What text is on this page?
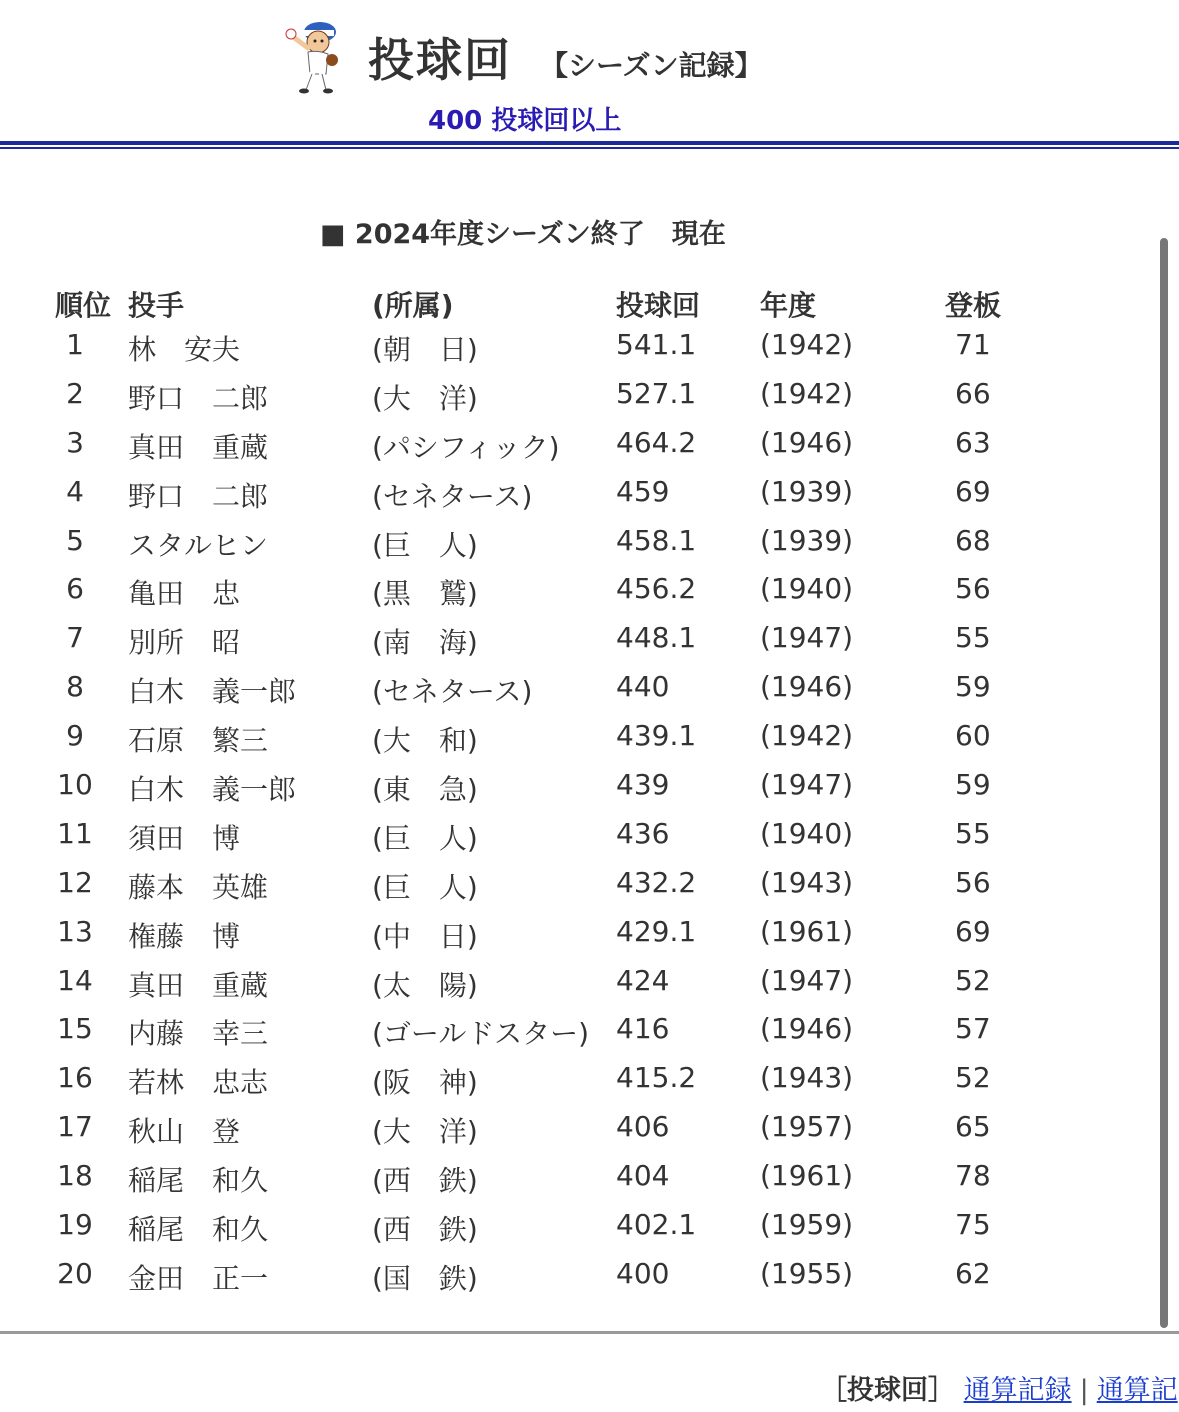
投球回 【シーズン記録】
400 投球回以上
■ 2024年度シーズン終了　現在
順位 投手	(所属)	投球回 年度	登板
1	林　安夫	(朝　日)	541.1 (1942)	71
2	野口　二郎	(大　洋)	527.1 (1942)	66
3	真田　重蔵	(パシフィック) 464.2 (1946)	63
4	野口　二郎	(セネタース)	459	(1939)	69
5	スタルヒン	(巨　人)	458.1 (1939)	68
6	亀田　忠	(黒　鷲)	456.2 (1940)	56
7	別所　昭	(南　海)	448.1 (1947)	55
8	白木　義一郎	(セネタース)	440	(1946)	59
9	石原　繁三	(大　和)	439.1 (1942)	60
10	白木　義一郎	(東　急)	439	(1947)	59
11	須田　博	(巨　人)	436	(1940)	55
12	藤本　英雄	(巨　人)	432.2 (1943)	56
13	権藤　博	(中　日)	429.1 (1961)	69
14	真田　重蔵	(太　陽)	424	(1947)	52
15	内藤　幸三	(ゴールドスター) 416	(1946)	57
16	若林　忠志	(阪　神)	415.2 (1943)	52
17	秋山　登	(大　洋)	406	(1957)	65
18	稲尾　和久	(西　鉄)	404	(1961)	78
19	稲尾　和久	(西　鉄)	402.1 (1959)	75
20	金田　正一	(国　鉄)	400	(1955)	62
［投球回］ 通算記録 | 通算記
